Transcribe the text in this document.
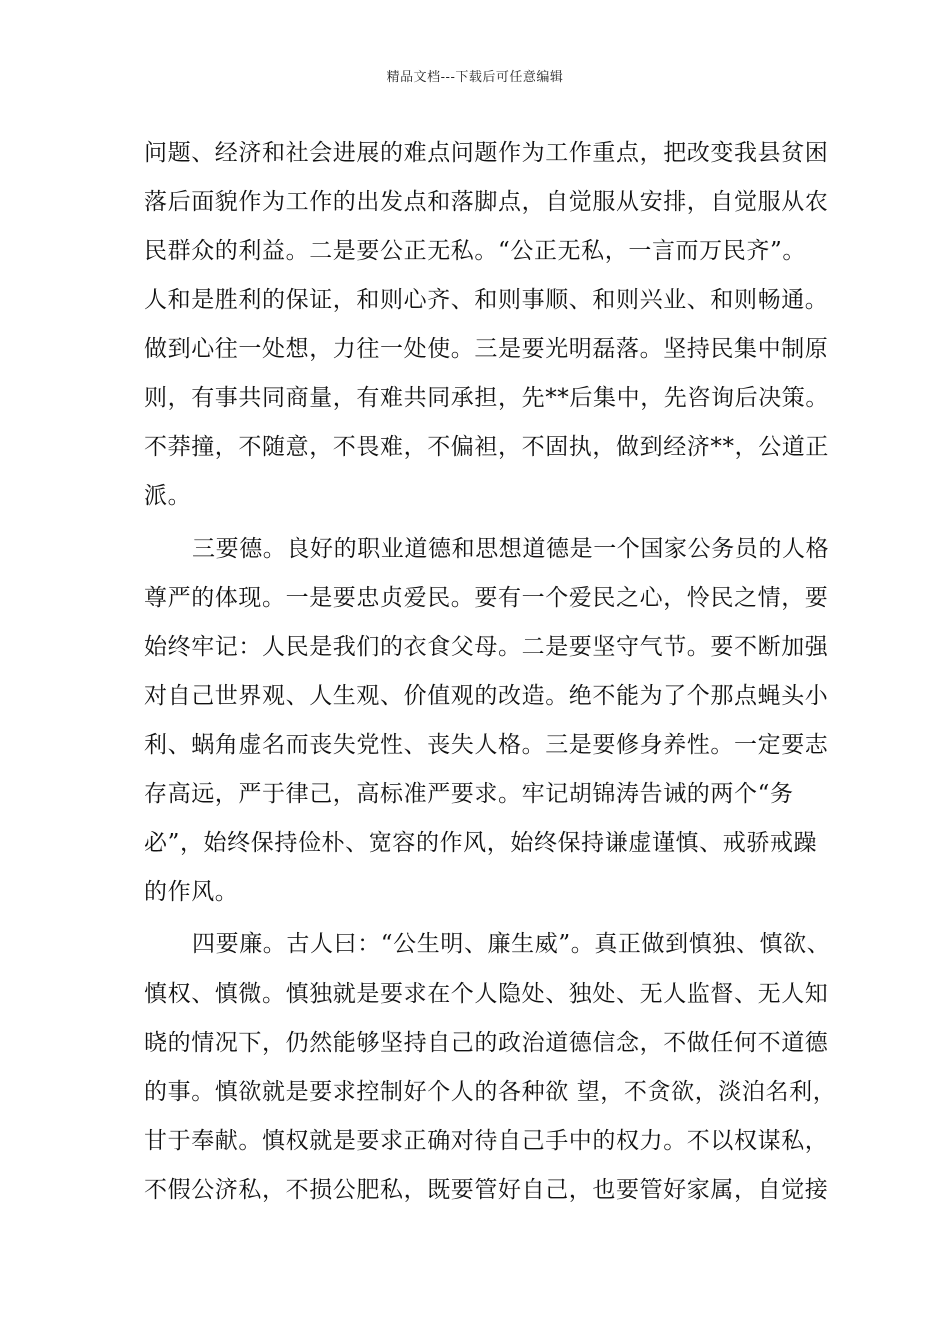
精品文档---下载后可任意编辑
问题、经济和社会进展的难点问题作为工作重点，把改变我县贫困
落后面貌作为工作的出发点和落脚点，自觉服从安排，自觉服从农
民群众的利益。二是要公正无私。“公正无私，一言而万民齐”。
人和是胜利的保证，和则心齐、和则事顺、和则兴业、和则畅通。
做到心往一处想，力往一处使。三是要光明磊落。坚持民集中制原
则，有事共同商量，有难共同承担，先**后集中，先咨询后决策。
不莽撞，不随意，不畏难，不偏袒，不固执，做到经济**，公道正
派。
三要德。良好的职业道德和思想道德是一个国家公务员的人格
尊严的体现。一是要忠贞爱民。要有一个爱民之心，怜民之情，要
始终牢记：人民是我们的衣食父母。二是要坚守气节。要不断加强
对自己世界观、人生观、价值观的改造。绝不能为了个那点蝇头小
利、蜗角虚名而丧失党性、丧失人格。三是要修身养性。一定要志
存高远，严于律己，高标准严要求。牢记胡锦涛告诫的两个“务
必”，始终保持俭朴、宽容的作风，始终保持谦虚谨慎、戒骄戒躁
的作风。
四要廉。古人曰：“公生明、廉生威”。真正做到慎独、慎欲、
慎权、慎微。慎独就是要求在个人隐处、独处、无人监督、无人知
晓的情况下，仍然能够坚持自己的政治道德信念，不做任何不道德
的事。慎欲就是要求控制好个人的各种欲 望，不贪欲，淡泊名利，
甘于奉献。慎权就是要求正确对待自己手中的权力。不以权谋私，
不假公济私，不损公肥私，既要管好自己，也要管好家属，自觉接
